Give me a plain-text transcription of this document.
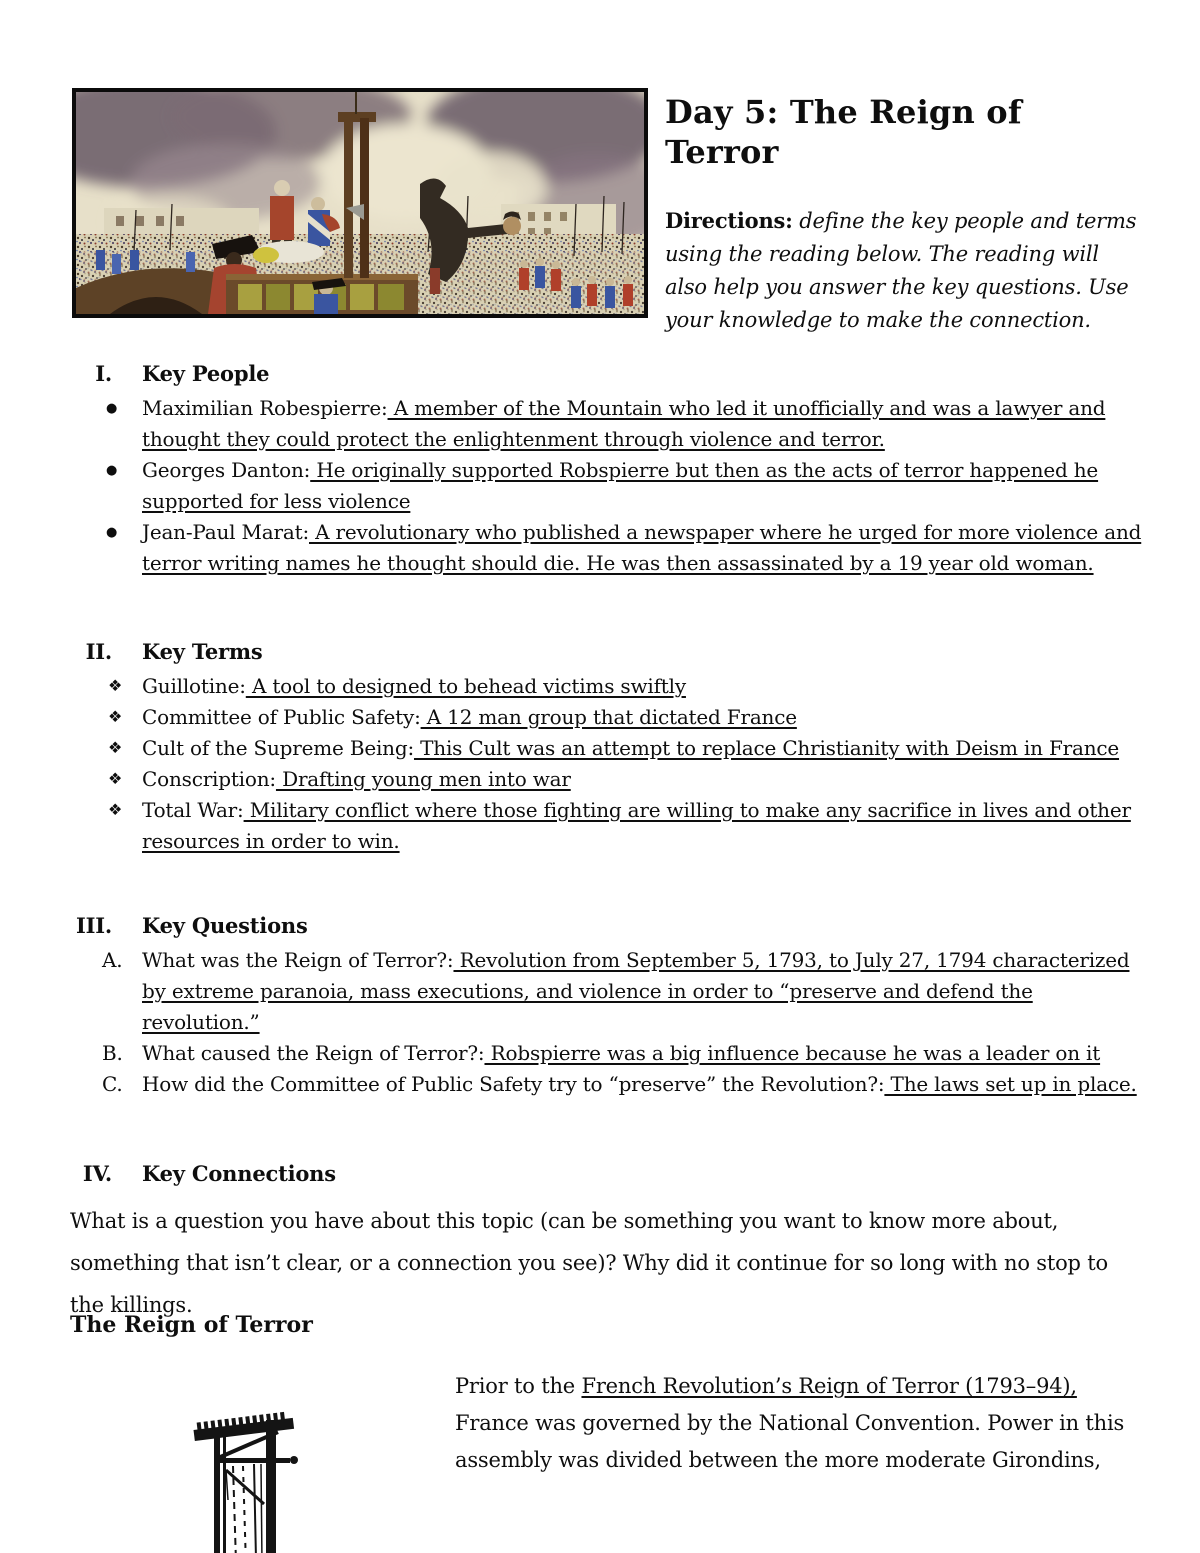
Day 5: The Reign of Terror
Directions: define the key people and terms using the reading below. The reading will also help you answer the key questions. Use your knowledge to make the connection.
I. Key People
●	Maximilian Robespierre: A member of the Mountain who led it unofficially and was a lawyer and thought they could protect the enlightenment through violence and terror.

●	Georges Danton: He originally supported Robspierre but then as the acts of terror happened he supported for less violence

●	Jean-Paul Marat: A revolutionary who published a newspaper where he urged for more violence and terror writing names he thought should die. He was then assassinated by a 19 year old woman.

II. Key Terms
❖ Guillotine: A tool to designed to behead victims swiftly

❖ Committee of Public Safety: A 12 man group that dictated France

❖ Cult of the Supreme Being: This Cult was an attempt to replace Christianity with Deism in France

❖ Conscription: Drafting young men into war

❖ Total War: Military conflict where those fighting are willing to make any sacrifice in lives and other resources in order to win.

III. Key Questions
A. What was the Reign of Terror?: Revolution from September 5, 1793, to July 27, 1794 characterized by extreme paranoia, mass executions, and violence in order to “preserve and defend the revolution.”

B. What caused the Reign of Terror?: Robspierre was a big influence because he was a leader on it

C. How did the Committee of Public Safety try to “preserve” the Revolution?: The laws set up in place.

IV. Key Connections

What is a question you have about this topic (can be something you want to know more about, something that isn’t clear, or a connection you see)? Why did it continue for so long with no stop to the killings.

The Reign of Terror

Prior to the French Revolution’s Reign of Terror (1793–94), France was governed by the National Convention. Power in this assembly was divided between the more moderate Girondins,
